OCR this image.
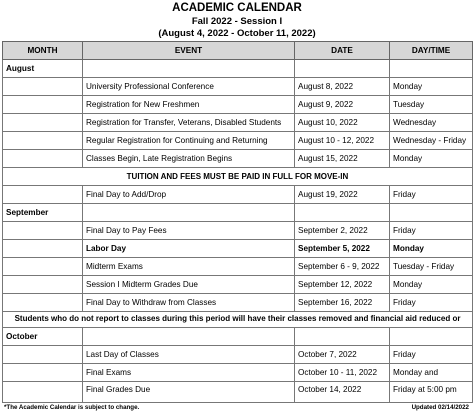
ACADEMIC CALENDAR
Fall 2022 - Session I
(August 4, 2022 - October 11, 2022)
MONTH	EVENT	DATE	DAY/TIME
August			
	University Professional Conference	August 8, 2022	Monday
	Registration for New Freshmen	August 9, 2022	Tuesday
	Registration for Transfer, Veterans, Disabled Students	August 10, 2022	Wednesday
	Regular Registration for Continuing and Returning	August 10 - 12, 2022	Wednesday - Friday
	Classes Begin, Late Registration Begins	August 15, 2022	Monday
TUITION AND FEES MUST BE PAID IN FULL FOR MOVE-IN			
	Final Day to Add/Drop	August 19, 2022	Friday
September			
	Final Day to Pay Fees	September 2, 2022	Friday
	Labor Day	September 5, 2022	Monday
	Midterm Exams	September 6 - 9, 2022	Tuesday - Friday
	Session I Midterm Grades Due	September 12, 2022	Monday
	Final Day to Withdraw from Classes	September 16, 2022	Friday
Students who do not report to classes during this period will have their classes removed and financial aid reduced or			
October			
	Last Day of Classes	October 7, 2022	Friday
	Final Exams	October 10 - 11, 2022	Monday and
	Final Grades Due	October 14, 2022	Friday at 5:00 pm
*The Academic Calendar is subject to change.	Updated 02/14/2022
